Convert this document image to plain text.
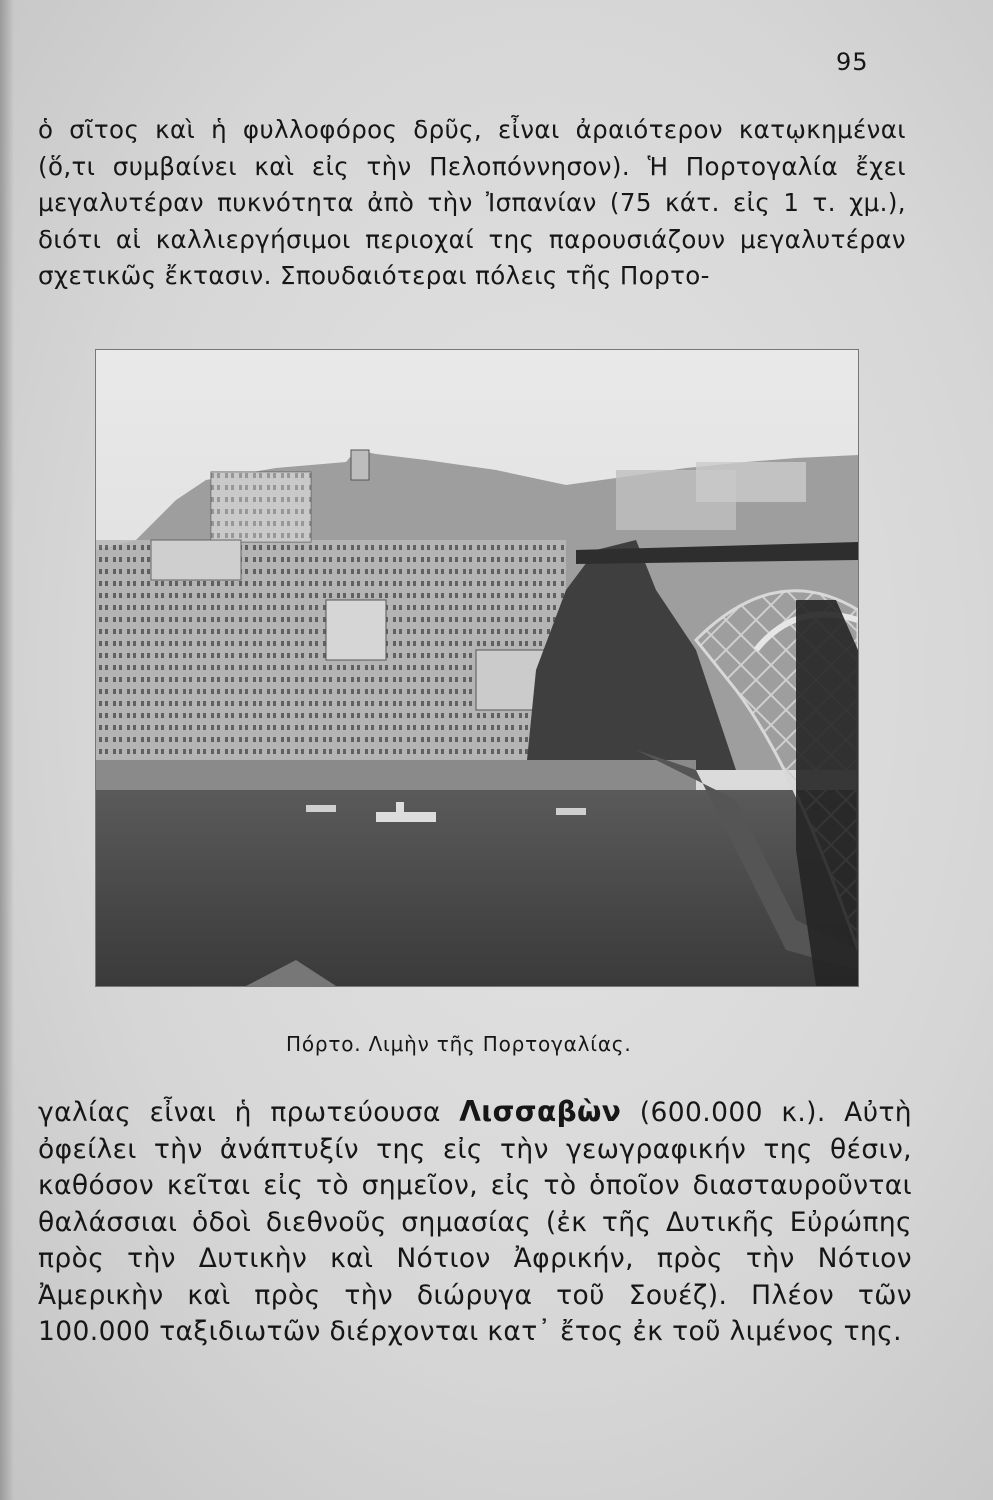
95

ὁ σῖτος καὶ ἡ φυλλοφόρος δρῦς, εἶναι ἀραιότερον κατῳκημέναι (ὅ,τι συμβαίνει καὶ εἰς τὴν Πελοπόννησον). Ἡ Πορτογαλία ἔχει μεγαλυτέραν πυκνότητα ἀπὸ τὴν Ἰσπανίαν (75 κάτ. εἰς 1 τ. χμ.), διότι αἱ καλλιεργήσιμοι περιοχαί της παρουσιάζουν μεγαλυτέραν σχετικῶς ἔκτασιν. Σπουδαιότεραι πόλεις τῆς Πορτο-

Πόρτο. Λιμὴν τῆς Πορτογαλίας.

γαλίας εἶναι ἡ πρωτεύουσα Λισσαβὼν (600.000 κ.). Αὐτὴ ὀφείλει τὴν ἀνάπτυξίν της εἰς τὴν γεωγραφικήν της θέσιν, καθόσον κεῖται εἰς τὸ σημεῖον, εἰς τὸ ὁποῖον διασταυροῦνται θαλάσσιαι ὁδοὶ διεθνοῦς σημασίας (ἐκ τῆς Δυτικῆς Εὐρώπης πρὸς τὴν Δυτικὴν καὶ Νότιον Ἀφρικήν, πρὸς τὴν Νότιον Ἀμερικὴν καὶ πρὸς τὴν διώρυγα τοῦ Σουέζ). Πλέον τῶν 100.000 ταξιδιωτῶν διέρχονται κατ᾽ ἔτος ἐκ τοῦ λιμένος της.
